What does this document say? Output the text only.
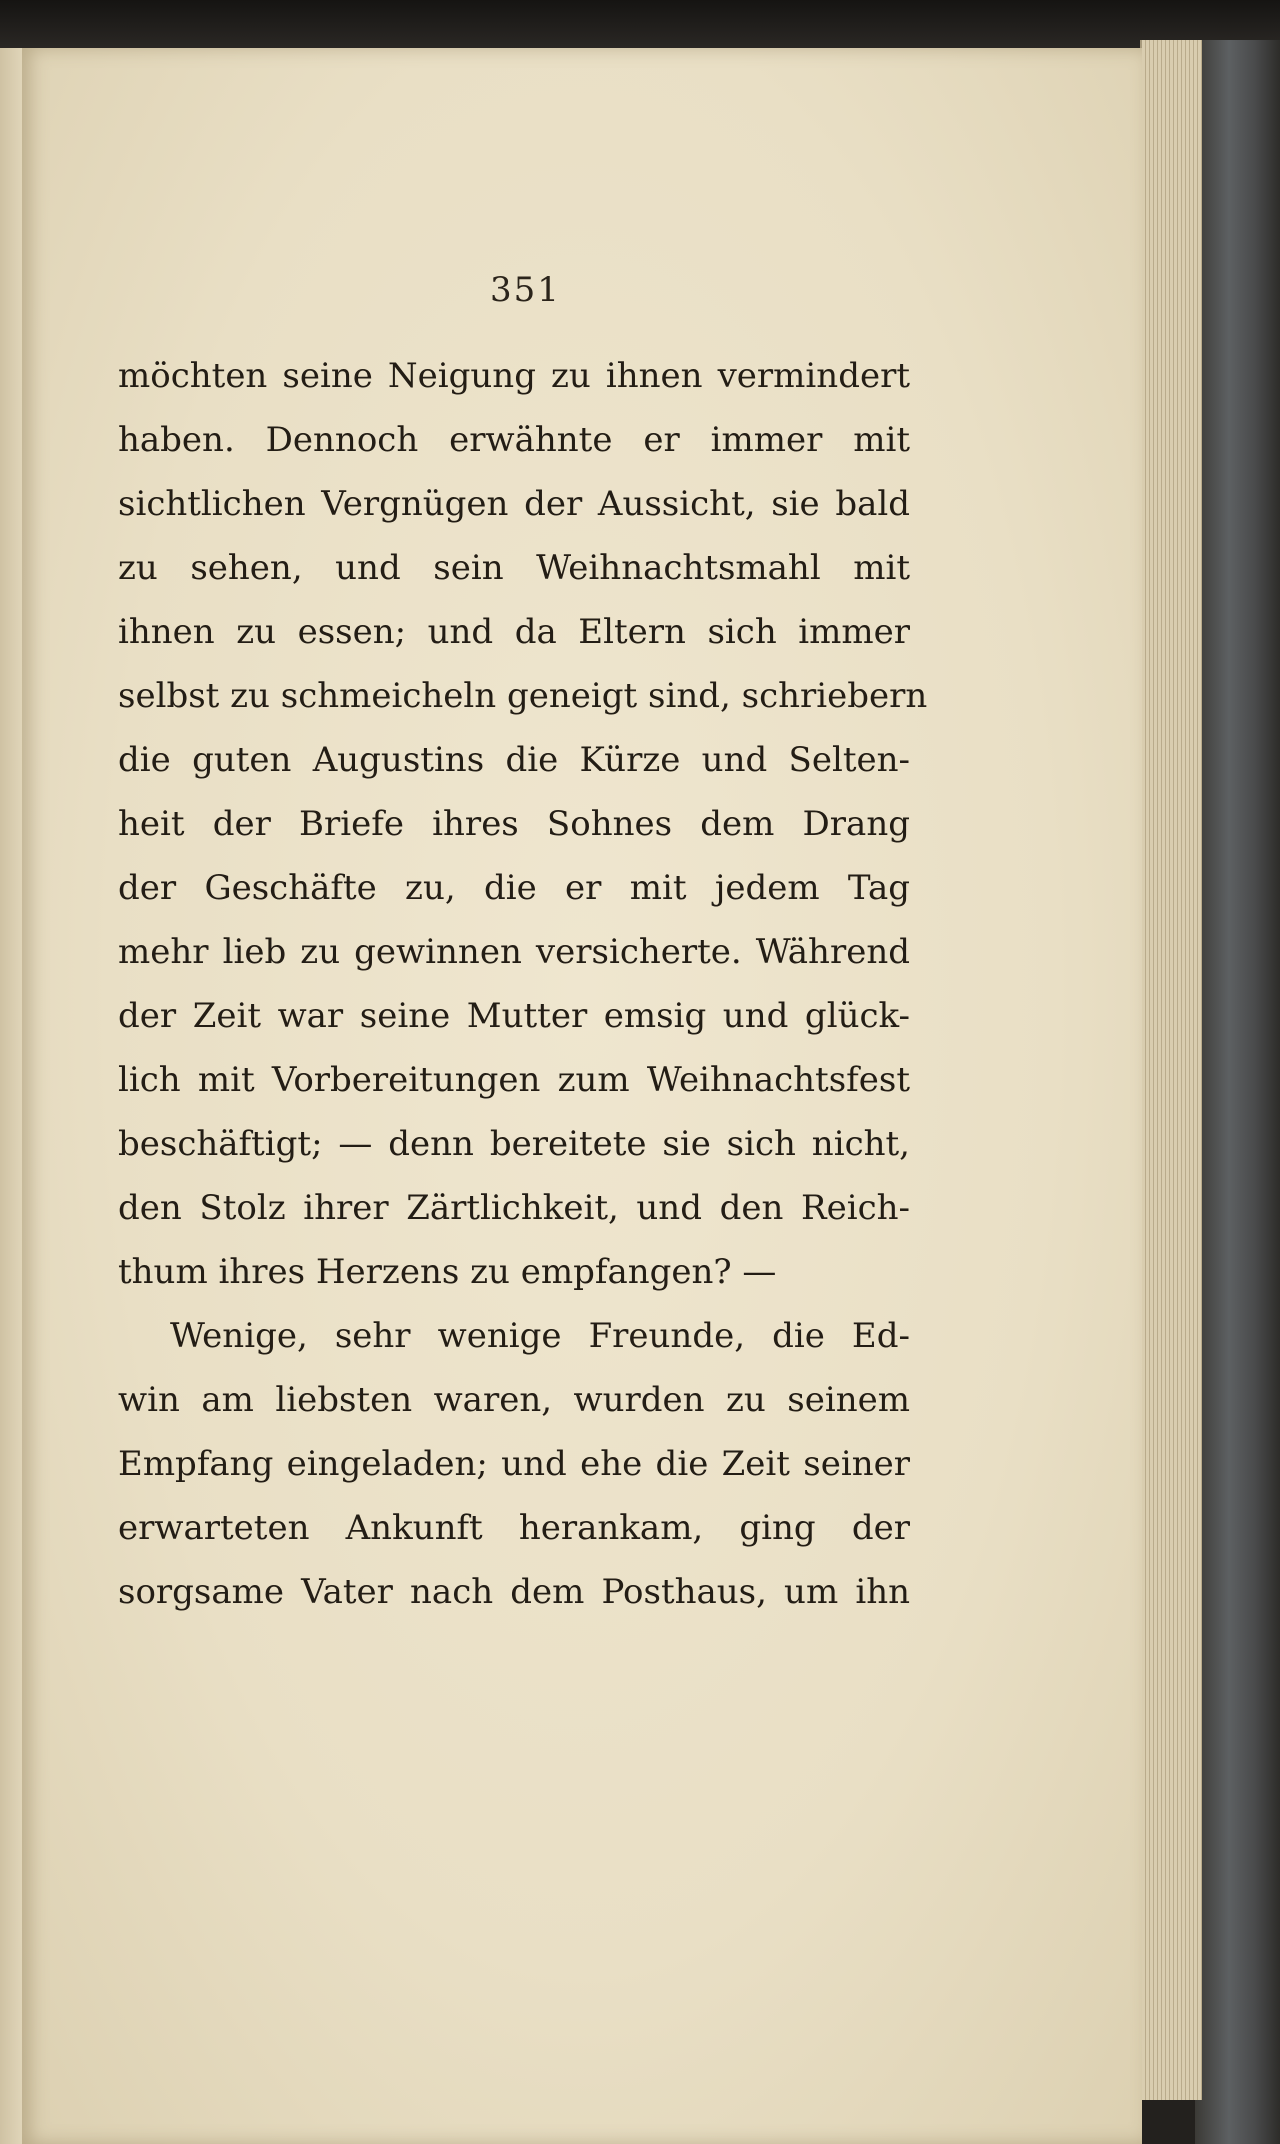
351
möchten seine Neigung zu ihnen vermindert
haben. Dennoch erwähnte er immer mit
sichtlichen Vergnügen der Aussicht, sie bald
zu sehen, und sein Weihnachtsmahl mit
ihnen zu essen; und da Eltern sich immer
selbst zu schmeicheln geneigt sind, schriebern
die guten Augustins die Kürze und Selten-
heit der Briefe ihres Sohnes dem Drang
der Geschäfte zu, die er mit jedem Tag
mehr lieb zu gewinnen versicherte. Während
der Zeit war seine Mutter emsig und glück-
lich mit Vorbereitungen zum Weihnachtsfest
beschäftigt; — denn bereitete sie sich nicht,
den Stolz ihrer Zärtlichkeit, und den Reich-
thum ihres Herzens zu empfangen? —
Wenige, sehr wenige Freunde, die Ed-
win am liebsten waren, wurden zu seinem
Empfang eingeladen; und ehe die Zeit seiner
erwarteten Ankunft herankam, ging der
sorgsame Vater nach dem Posthaus, um ihn
